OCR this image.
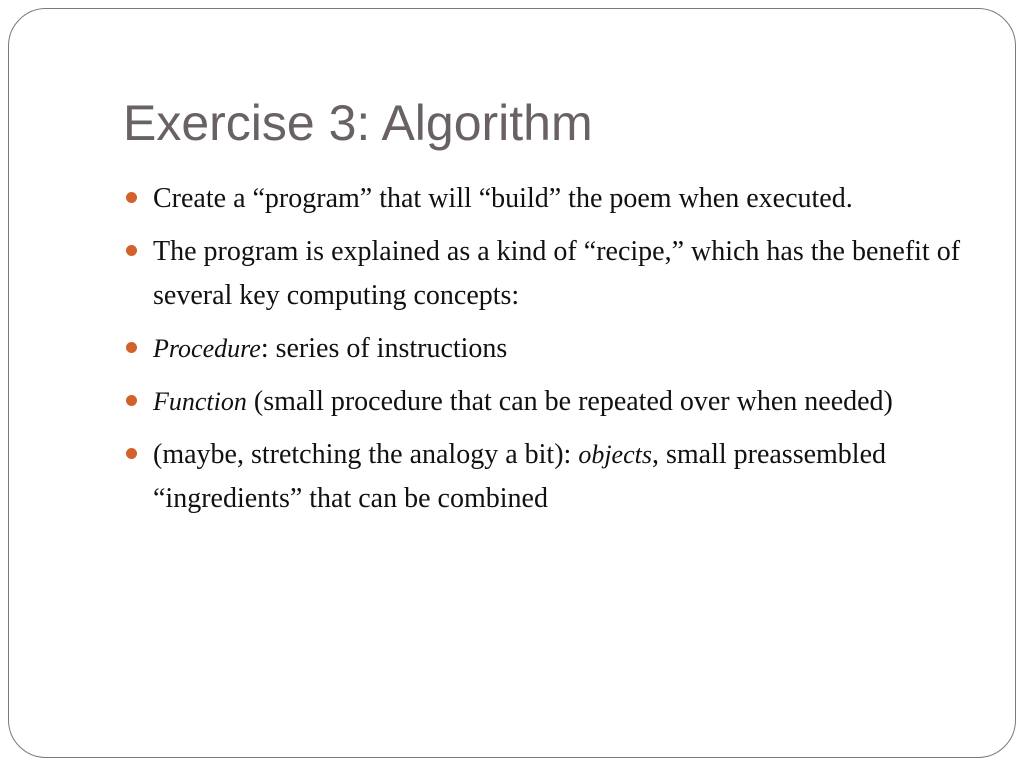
Exercise 3: Algorithm
Create a “program” that will “build” the poem when executed.
The program is explained as a kind of “recipe,” which has the benefit of several key computing concepts:
Procedure: series of instructions
Function (small procedure that can be repeated over when needed)
(maybe, stretching the analogy a bit): objects, small preassembled “ingredients” that can be combined
